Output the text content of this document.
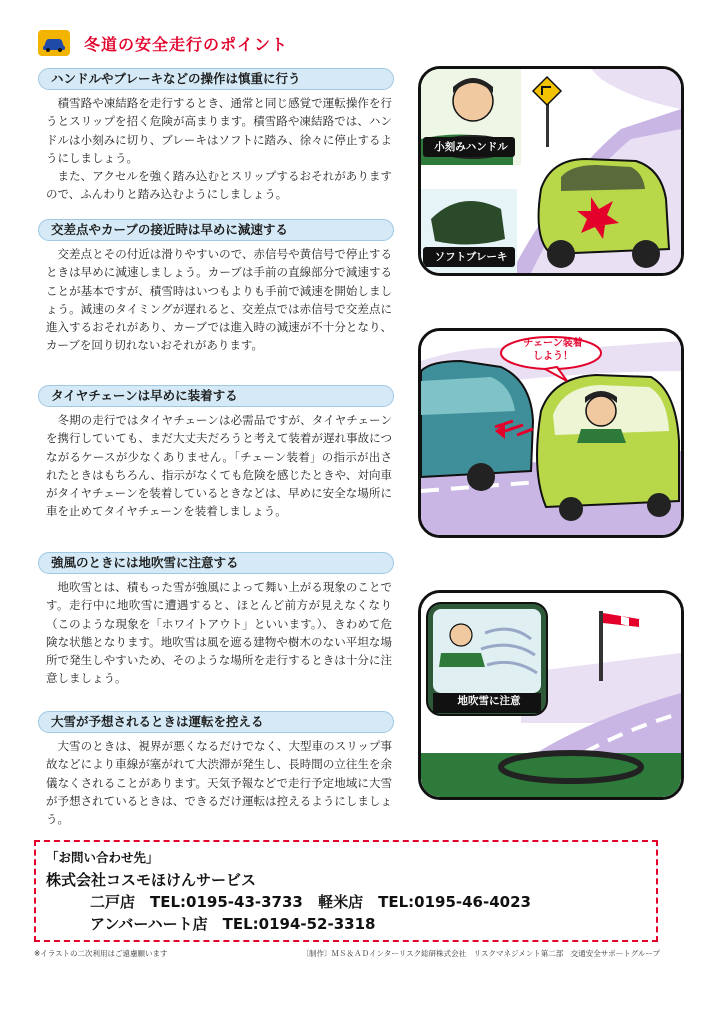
冬道の安全走行のポイント
ハンドルやブレーキなどの操作は慎重に行う

積雪路や凍結路を走行するとき、通常と同じ感覚で運転操作を行うとスリップを招く危険が高まります。積雪路や凍結路では、ハンドルは小刻みに切り、ブレーキはソフトに踏み、徐々に停止するようにしましょう。

また、アクセルを強く踏み込むとスリップするおそれがありますので、ふんわりと踏み込むようにしましょう。

交差点やカーブの接近時は早めに減速する

交差点とその付近は滑りやすいので、赤信号や黄信号で停止するときは早めに減速しましょう。カーブは手前の直線部分で減速することが基本ですが、積雪時はいつもよりも手前で減速を開始しましょう。減速のタイミングが遅れると、交差点では赤信号で交差点に進入するおそれがあり、カーブでは進入時の減速が不十分となり、カーブを回り切れないおそれがあります。

タイヤチェーンは早めに装着する

冬期の走行ではタイヤチェーンは必需品ですが、タイヤチェーンを携行していても、まだ大丈夫だろうと考えて装着が遅れ事故につながるケースが少なくありません。「チェーン装着」の指示が出されたときはもちろん、指示がなくても危険を感じたときや、対向車がタイヤチェーンを装着しているときなどは、早めに安全な場所に車を止めてタイヤチェーンを装着しましょう。

強風のときには地吹雪に注意する

地吹雪とは、積もった雪が強風によって舞い上がる現象のことです。走行中に地吹雪に遭遇すると、ほとんど前方が見えなくなり（このような現象を「ホワイトアウト」といいます。）、きわめて危険な状態となります。地吹雪は風を遮る建物や樹木のない平坦な場所で発生しやすいため、そのような場所を走行するときは十分に注意しましょう。

大雪が予想されるときは運転を控える

大雪のときは、視界が悪くなるだけでなく、大型車のスリップ事故などにより車線が塞がれて大渋滞が発生し、長時間の立往生を余儀なくされることがあります。天気予報などで走行予定地域に大雪が予想されているときは、できるだけ運転は控えるようにしましょう。

小刻みハンドル
ソフトブレーキ
チェーン装着
しよう！
地吹雪に注意
「お問い合わせ先」
株式会社コスモほけんサービス
二戸店　TEL:0195-43-3733 軽米店　TEL:0195-46-4023
アンバーハート店　TEL:0194-52-3318
※イラストの二次利用はご遠慮願います	〔制作〕ＭＳ＆ＡＤインターリスク総研株式会社　リスクマネジメント第二部　交通安全サポートグループ
